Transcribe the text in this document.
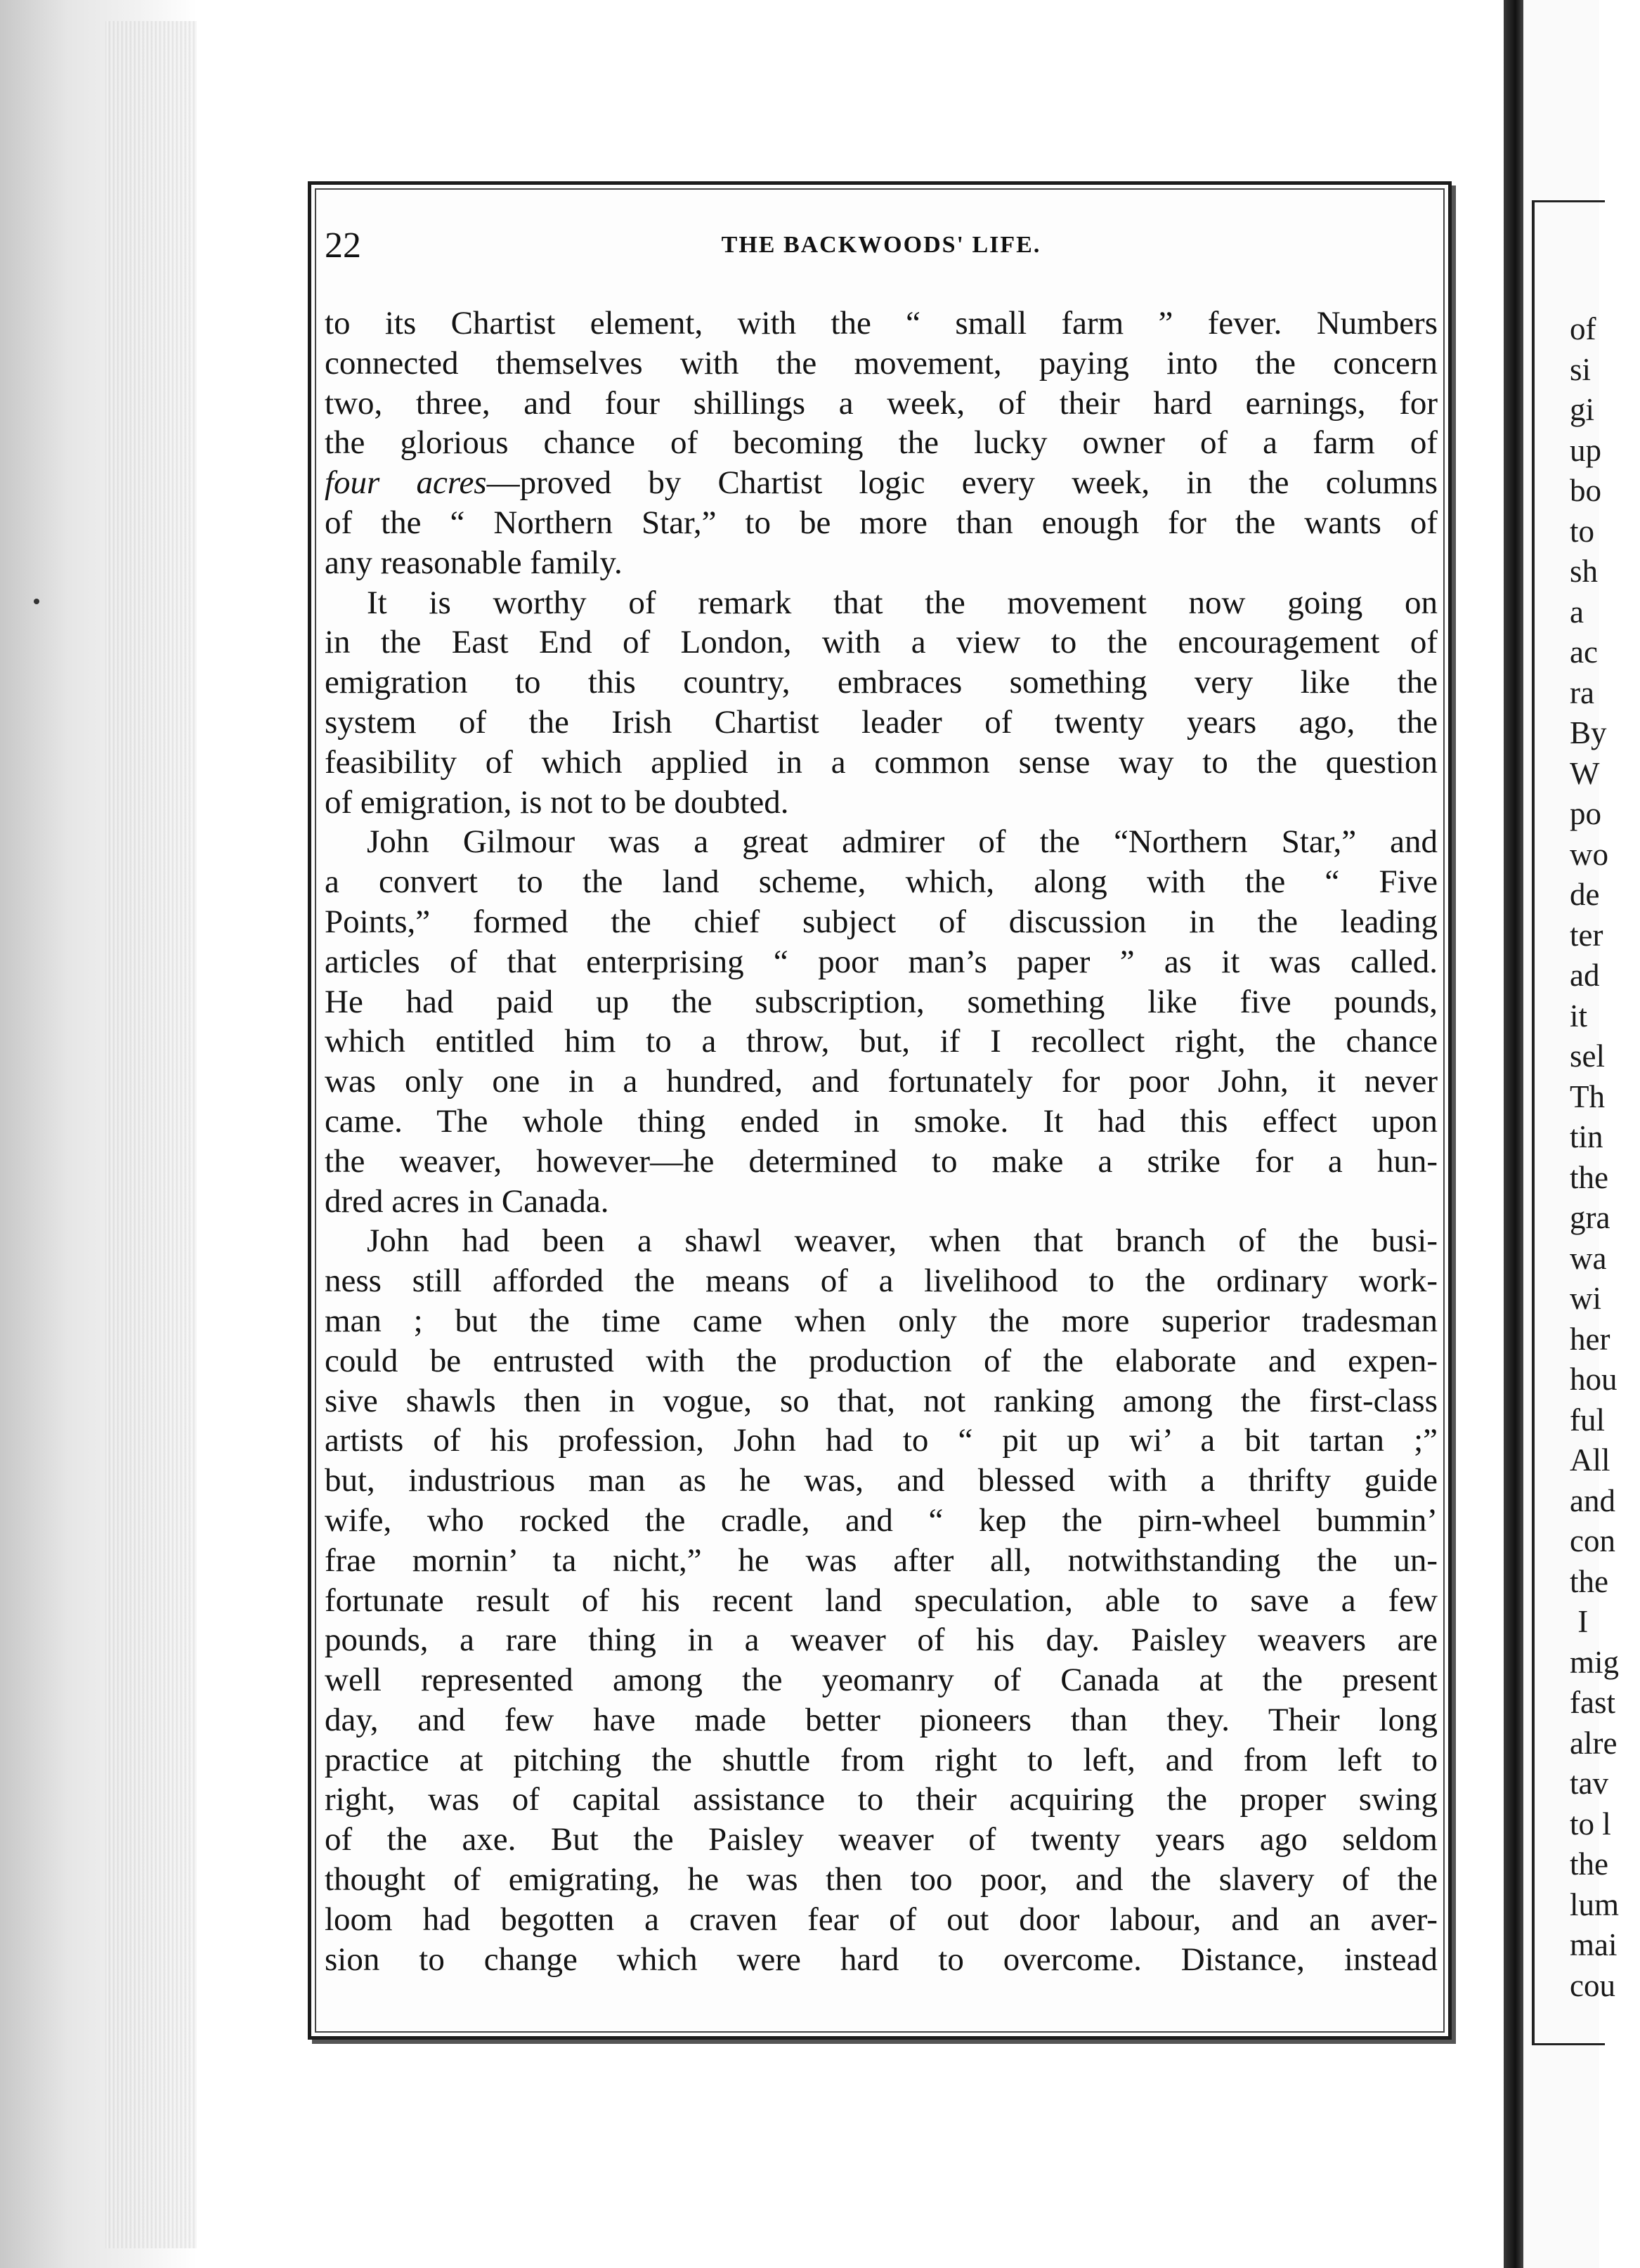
22	THE BACKWOODS' LIFE.
to its Chartist element, with the “ small farm ” fever. Numbers
connected themselves with the movement, paying into the concern
two, three, and four shillings a week, of their hard earnings, for
the glorious chance of becoming the lucky owner of a farm of
four acres—proved by Chartist logic every week, in the columns
of the “ Northern Star,” to be more than enough for the wants of
any reasonable family.
It is worthy of remark that the movement now going on
in the East End of London, with a view to the encouragement of
emigration to this country, embraces something very like the
system of the Irish Chartist leader of twenty years ago, the
feasibility of which applied in a common sense way to the question
of emigration, is not to be doubted.
John Gilmour was a great admirer of the “Northern Star,” and
a convert to the land scheme, which, along with the “ Five
Points,” formed the chief subject of discussion in the leading
articles of that enterprising “ poor man’s paper ” as it was called.
He had paid up the subscription, something like five pounds,
which entitled him to a throw, but, if I recollect right, the chance
was only one in a hundred, and fortunately for poor John, it never
came. The whole thing ended in smoke. It had this effect upon
the weaver, however—he determined to make a strike for a hun-
dred acres in Canada.
John had been a shawl weaver, when that branch of the busi-
ness still afforded the means of a livelihood to the ordinary work-
man ; but the time came when only the more superior tradesman
could be entrusted with the production of the elaborate and expen-
sive shawls then in vogue, so that, not ranking among the first-class
artists of his profession, John had to “ pit up wi’ a bit tartan ;”
but, industrious man as he was, and blessed with a thrifty guide
wife, who rocked the cradle, and “ kep the pirn-wheel bummin’
frae mornin’ ta nicht,” he was after all, notwithstanding the un-
fortunate result of his recent land speculation, able to save a few
pounds, a rare thing in a weaver of his day. Paisley weavers are
well represented among the yeomanry of Canada at the present
day, and few have made better pioneers than they. Their long
practice at pitching the shuttle from right to left, and from left to
right, was of capital assistance to their acquiring the proper swing
of the axe. But the Paisley weaver of twenty years ago seldom
thought of emigrating, he was then too poor, and the slavery of the
loom had begotten a craven fear of out door labour, and an aver-
sion to change which were hard to overcome. Distance, instead
of
si
gi
up
bo
to
sh
a
ac
ra
By
W
po
wo
de
ter
ad
it
sel
Th
tin
the
gra
wa
wi
her
hou
ful
All
and
con
the
I
mig
fast
alre
tav
to l
the
lum
mai
cou
